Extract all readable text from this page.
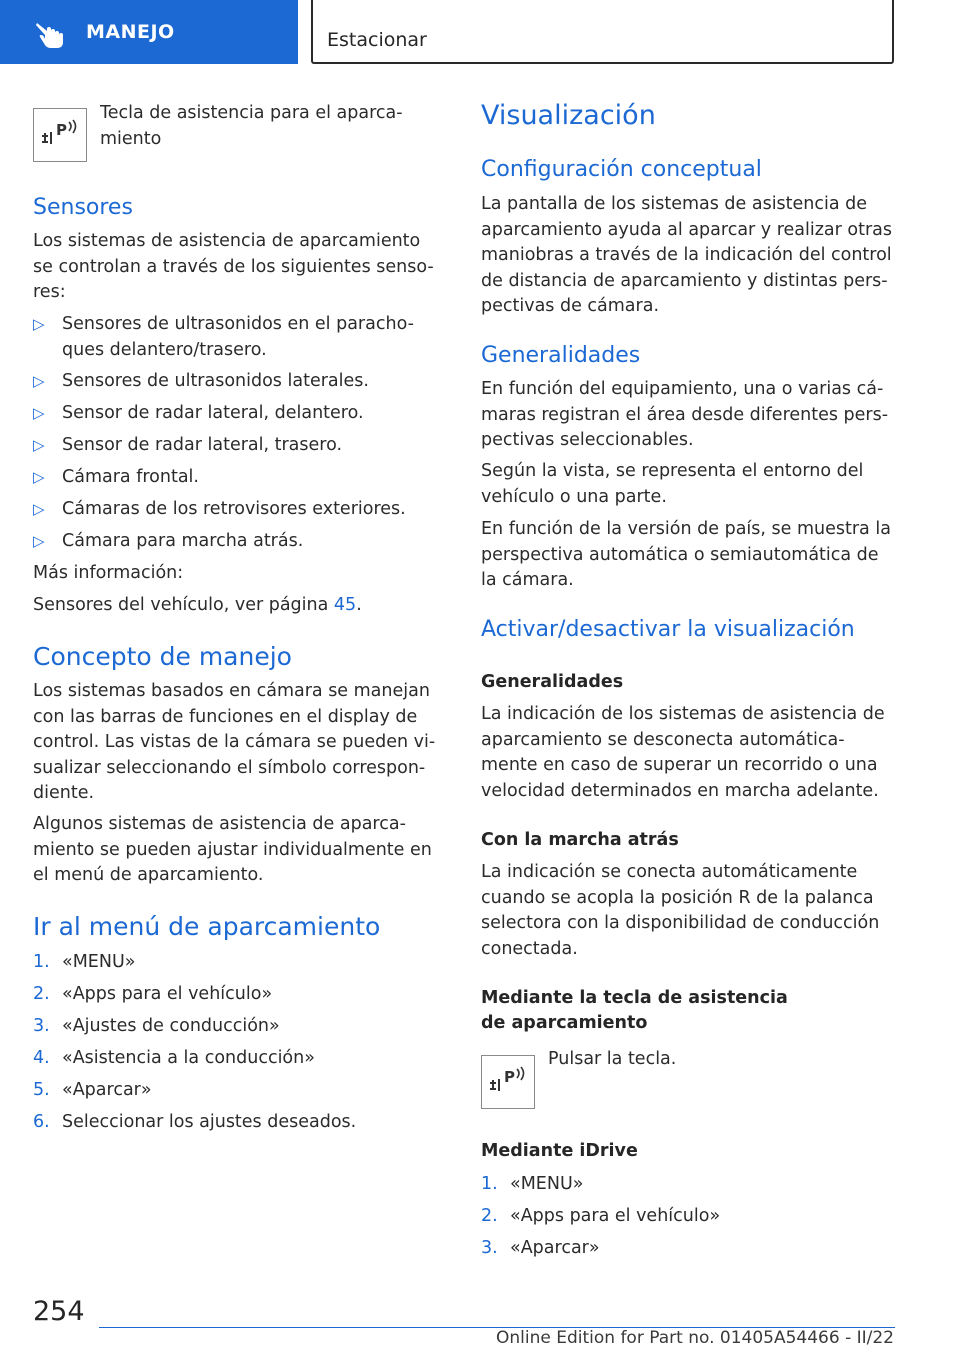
MANEJO	Estacionar
P

Tecla de asistencia para el aparca-
miento

Sensores

Los sistemas de asistencia de aparcamiento se controlan a través de los siguientes senso-res:

▷ Sensores de ultrasonidos en el paracho-ques delantero/trasero.

▷ Sensores de ultrasonidos laterales.

▷ Sensor de radar lateral, delantero.

▷ Sensor de radar lateral, trasero.

▷ Cámara frontal.

▷ Cámaras de los retrovisores exteriores.

▷ Cámara para marcha atrás.

Más información:

Sensores del vehículo, ver página 45.

Concepto de manejo

Los sistemas basados en cámara se manejan con las barras de funciones en el display de control. Las vistas de la cámara se pueden vi-sualizar seleccionando el símbolo correspon-diente.

Algunos sistemas de asistencia de aparca-miento se pueden ajustar individualmente en el menú de aparcamiento.

Ir al menú de aparcamiento
1. «MENU»

2. «Apps para el vehículo»

3. «Ajustes de conducción»

4. «Asistencia a la conducción»

5. «Aparcar»

6. Seleccionar los ajustes deseados.

Visualización
Configuración conceptual

La pantalla de los sistemas de asistencia de aparcamiento ayuda al aparcar y realizar otras maniobras a través de la indicación del control de distancia de aparcamiento y distintas pers-pectivas de cámara.

Generalidades

En función del equipamiento, una o varias cá-maras registran el área desde diferentes pers-pectivas seleccionables.

Según la vista, se representa el entorno del vehículo o una parte.

En función de la versión de país, se muestra la perspectiva automática o semiautomática de la cámara.

Activar/desactivar la visualización
Generalidades

La indicación de los sistemas de asistencia de aparcamiento se desconecta automática-mente en caso de superar un recorrido o una velocidad determinados en marcha adelante.

Con la marcha atrás

La indicación se conecta automáticamente cuando se acopla la posición R de la palanca selectora con la disponibilidad de conducción conectada.

Mediante la tecla de asistencia de aparcamiento
P

Pulsar la tecla.

Mediante iDrive
1. «MENU»

2. «Apps para el vehículo»

3. «Aparcar»

254
Online Edition for Part no. 01405A54466 - II/22
